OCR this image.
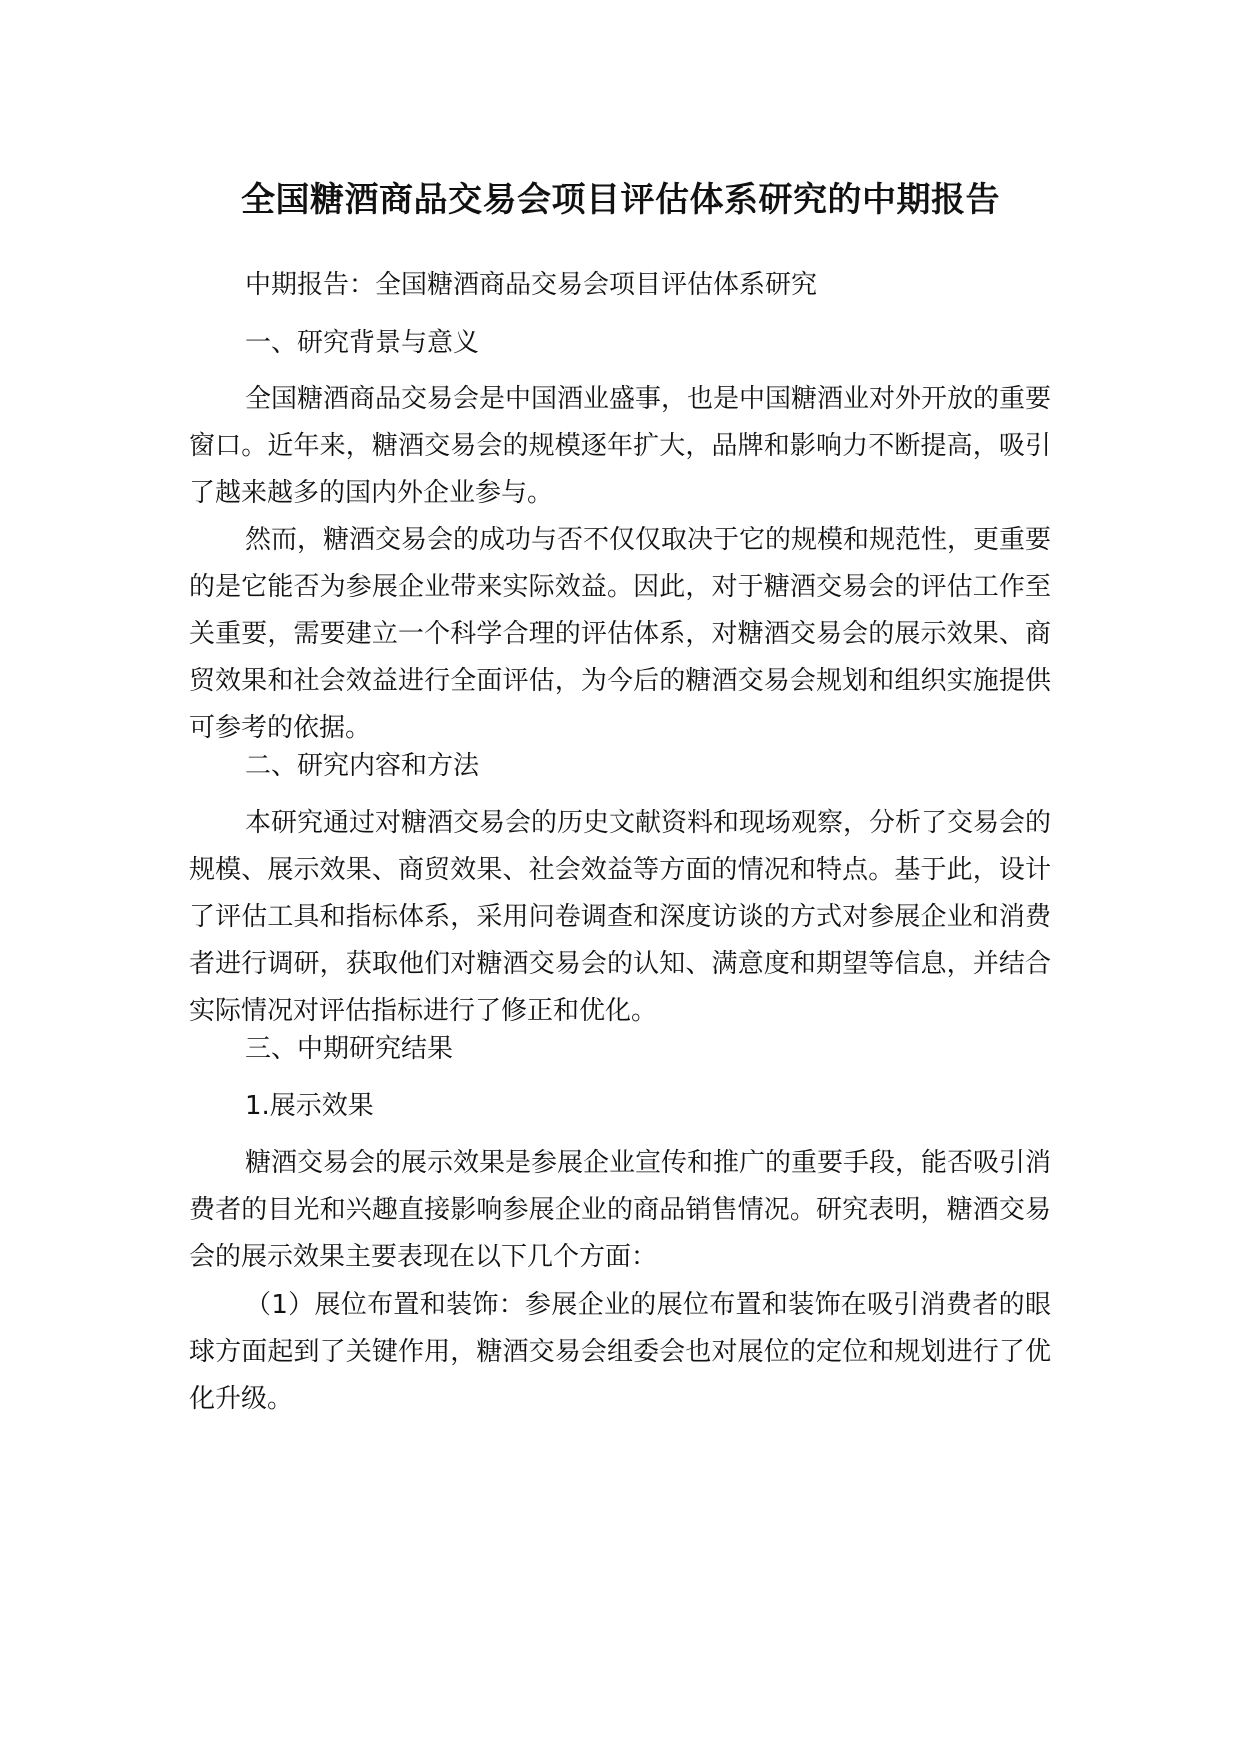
全国糖酒商品交易会项目评估体系研究的中期报告

中期报告：全国糖酒商品交易会项目评估体系研究

一、研究背景与意义

全国糖酒商品交易会是中国酒业盛事，也是中国糖酒业对外开放的重要窗口。近年来，糖酒交易会的规模逐年扩大，品牌和影响力不断提高，吸引了越来越多的国内外企业参与。

然而，糖酒交易会的成功与否不仅仅取决于它的规模和规范性，更重要的是它能否为参展企业带来实际效益。因此，对于糖酒交易会的评估工作至关重要，需要建立一个科学合理的评估体系，对糖酒交易会的展示效果、商贸效果和社会效益进行全面评估，为今后的糖酒交易会规划和组织实施提供可参考的依据。

二、研究内容和方法

本研究通过对糖酒交易会的历史文献资料和现场观察，分析了交易会的规模、展示效果、商贸效果、社会效益等方面的情况和特点。基于此，设计了评估工具和指标体系，采用问卷调查和深度访谈的方式对参展企业和消费者进行调研，获取他们对糖酒交易会的认知、满意度和期望等信息，并结合实际情况对评估指标进行了修正和优化。

三、中期研究结果

1.展示效果

糖酒交易会的展示效果是参展企业宣传和推广的重要手段，能否吸引消费者的目光和兴趣直接影响参展企业的商品销售情况。研究表明，糖酒交易会的展示效果主要表现在以下几个方面：

（1）展位布置和装饰：参展企业的展位布置和装饰在吸引消费者的眼球方面起到了关键作用，糖酒交易会组委会也对展位的定位和规划进行了优化升级。
